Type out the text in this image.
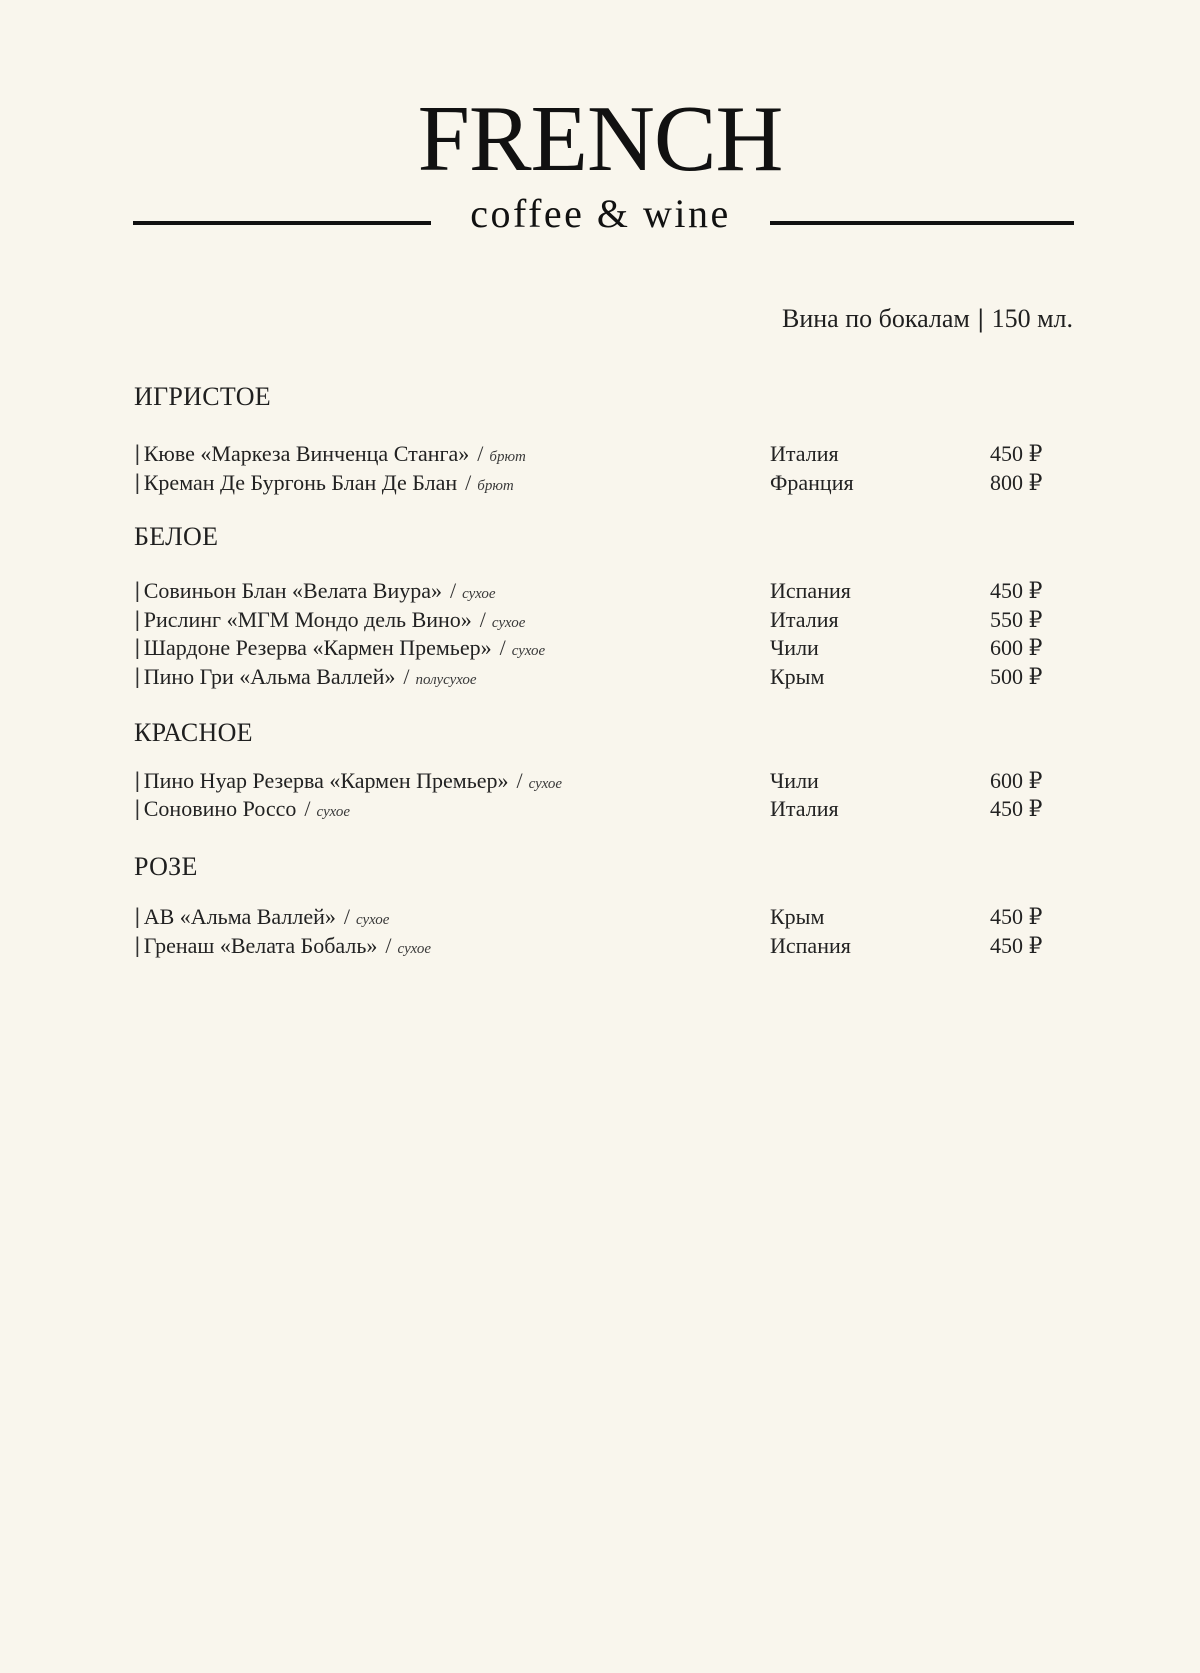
FRENCH
coffee & wine
Вина по бокалам | 150 мл.
ИГРИСТОЕ
| Кюве «Маркеза Винченца Станга» / брют	Италия	450 ₽
| Креман Де Бургонь Блан Де Блан / брют	Франция	800 ₽
БЕЛОЕ
| Совиньон Блан «Велата Виура» / сухое	Испания	450 ₽
| Рислинг «МГМ Мондо дель Вино» / сухое	Италия	550 ₽
| Шардоне Резерва «Кармен Премьер» / сухое	Чили	600 ₽
| Пино Гри «Альма Валлей» / полусухое	Крым	500 ₽
КРАСНОЕ
| Пино Нуар Резерва «Кармен Премьер» / сухое	Чили	600 ₽
| Соновино Россо / сухое	Италия	450 ₽
РОЗЕ
| АВ «Альма Валлей» / сухое	Крым	450 ₽
| Гренаш «Велата Бобаль» / сухое	Испания	450 ₽
